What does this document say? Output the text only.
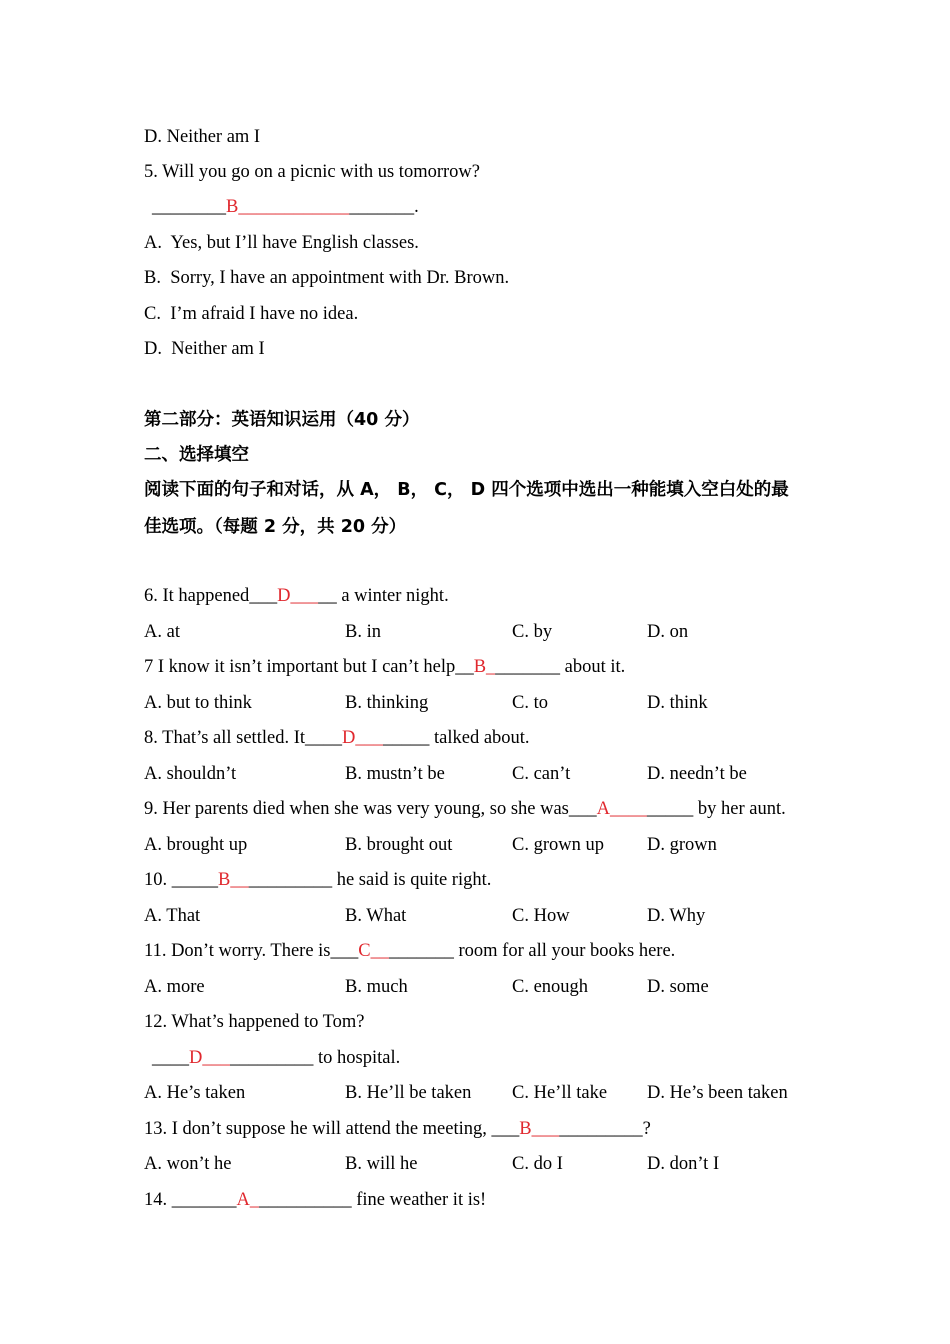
D. Neither am I
5. Will you go on a picnic with us tomorrow?
________B___________________.
A.  Yes, but I’ll have English classes.
B.  Sorry, I have an appointment with Dr. Brown.
C.  I’m afraid I have no idea.
D.  Neither am I
第二部分：英语知识运用（40 分）
二、选择填空
阅读下面的句子和对话，从 A， B， C， D 四个选项中选出一种能填入空白处的最
佳选项。（每题 2 分，共 20 分）
6. It happened___D_____ a winter night.
A. at	B. in	C. by	D. on
7 I know it isn’t important but I can’t help__B________ about it.
A. but to think	B. thinking	C. to	D. think
8. That’s all settled. It____D________ talked about.
A. shouldn’t	B. mustn’t be	C. can’t	D. needn’t be
9. Her parents died when she was very young, so she was___A_________ by her aunt.
A. brought up	B. brought out	C. grown up D. grown
10. _____B___________ he said is quite right.
A. That	B. What	C. How	D. Why
11. Don’t worry. There is___C_________ room for all your books here.
A. more	B. much	C. enough	D. some
12. What’s happened to Tom?
____D____________ to hospital.
A. He’s taken	B. He’ll be taken C. He’ll take D. He’s been taken
13. I don’t suppose he will attend the meeting, ___B____________?
A. won’t he	B. will he	C. do I	D. don’t I
14. _______A___________ fine weather it is!
